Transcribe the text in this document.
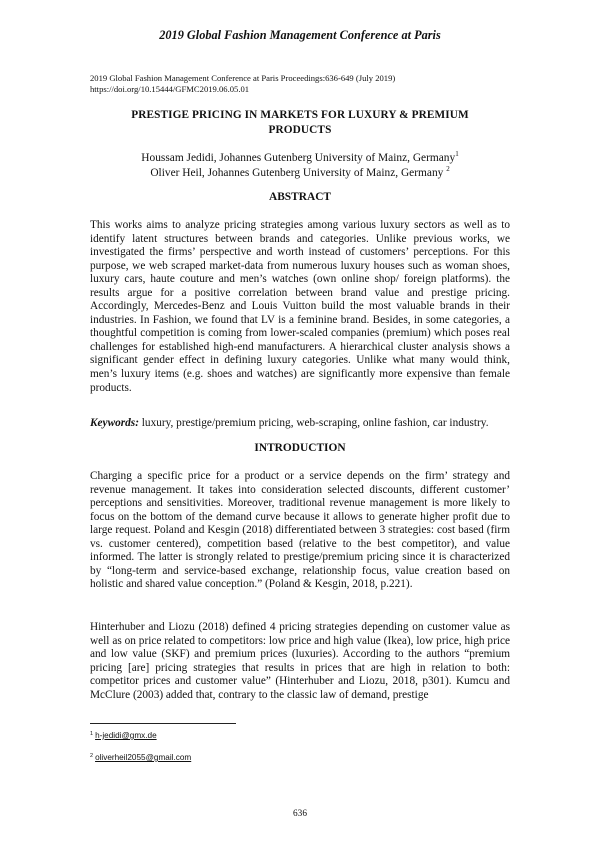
2019 Global Fashion Management Conference at Paris
2019 Global Fashion Management Conference at Paris Proceedings:636-649 (July 2019)
https://doi.org/10.15444/GFMC2019.06.05.01
PRESTIGE PRICING IN MARKETS FOR LUXURY & PREMIUM
PRODUCTS
Houssam Jedidi, Johannes Gutenberg University of Mainz, Germany$^1$
Oliver Heil, Johannes Gutenberg University of Mainz, Germany $^2$
ABSTRACT

This works aims to analyze pricing strategies among various luxury sectors as well as to identify latent structures between brands and categories. Unlike previous works, we investigated the firms’ perspective and worth instead of customers’ perceptions. For this purpose, we web scraped market-data from numerous luxury houses such as woman shoes, luxury cars, haute couture and men’s watches (own online shop/ foreign platforms). the results argue for a positive correlation between brand value and prestige pricing. Accordingly, Mercedes-Benz and Louis Vuitton build the most valuable brands in their industries. In Fashion, we found that LV is a feminine brand. Besides, in some categories, a thoughtful competition is coming from lower-scaled companies (premium) which poses real challenges for established high-end manufacturers. A hierarchical cluster analysis shows a significant gender effect in defining luxury categories. Unlike what many would think, men’s luxury items (e.g. shoes and watches) are significantly more expensive than female products.

Keywords: luxury, prestige/premium pricing, web-scraping, online fashion, car industry.

INTRODUCTION

Charging a specific price for a product or a service depends on the firm’ strategy and revenue management. It takes into consideration selected discounts, different customer’ perceptions and sensitivities. Moreover, traditional revenue management is more likely to focus on the bottom of the demand curve because it allows to generate higher profit due to large request. Poland and Kesgin (2018) differentiated between 3 strategies: cost based (firm vs. customer centered), competition based (relative to the best competitor), and value informed. The latter is strongly related to prestige/premium pricing since it is characterized by “long-term and service-based exchange, relationship focus, value creation based on holistic and shared value conception.” (Poland & Kesgin, 2018, p.221).

Hinterhuber and Liozu (2018) defined 4 pricing strategies depending on customer value as well as on price related to competitors: low price and high value (Ikea), low price, high price and low value (SKF) and premium prices (luxuries). According to the authors “premium pricing [are] pricing strategies that results in prices that are high in relation to both: competitor prices and customer value” (Hinterhuber and Liozu, 2018, p301). Kumcu and McClure (2003) added that, contrary to the classic law of demand, prestige

$^1$ h-jedidi@gmx.de
$^2$ oliverheil2055@gmail.com
636
